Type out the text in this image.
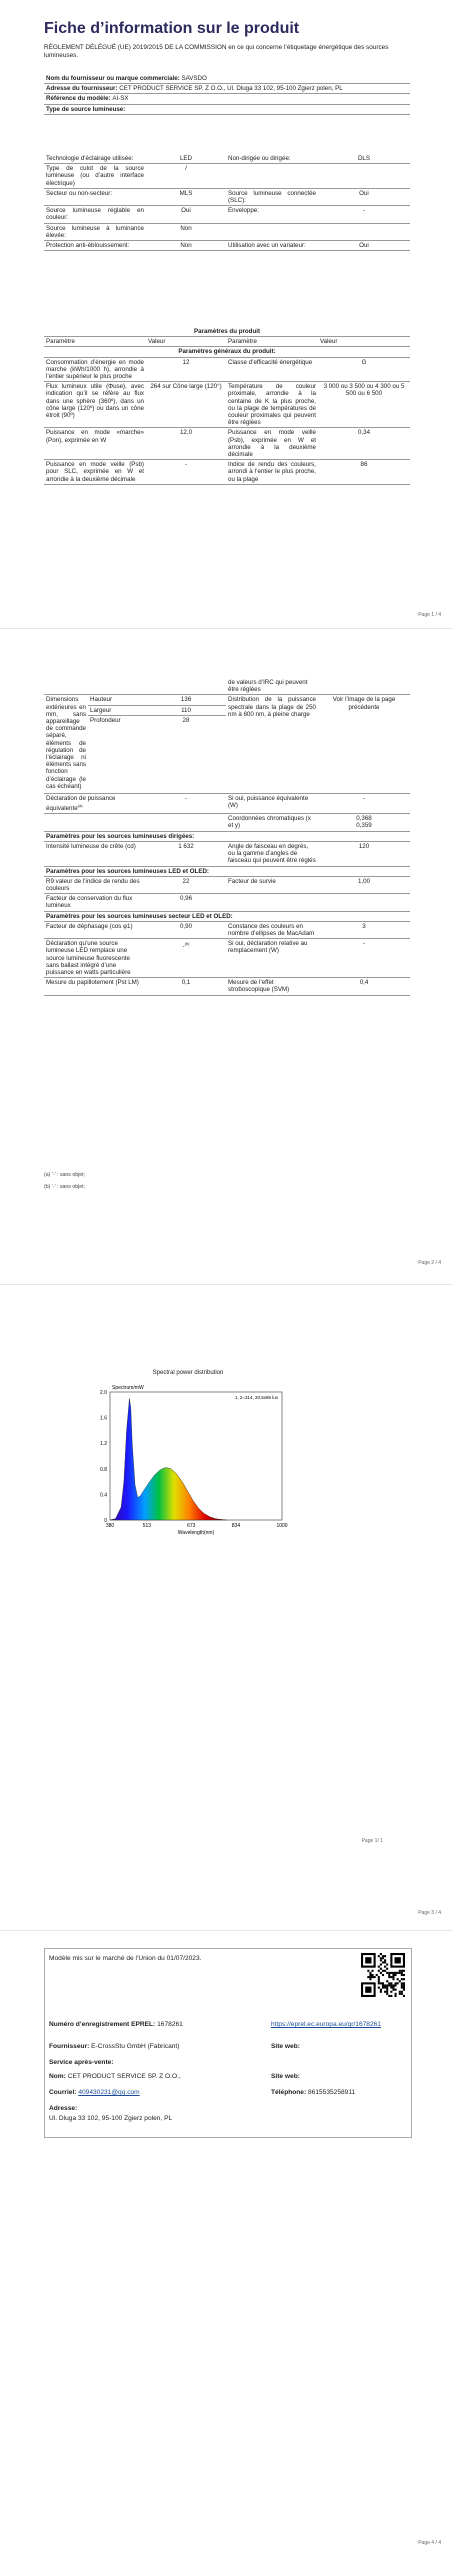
Fiche d’information sur le produit
RÈGLEMENT DÉLÉGUÉ (UE) 2019/2015 DE LA COMMISSION en ce qui concerne l’étiquetage énergétique des sources lumineuses.
Nom du fournisseur ou marque commerciale: SAVSDO
Adresse du fournisseur: CET PRODUCT SERVICE SP. Z O.O., Ul. Dluga 33 102, 95-100 Zgierz polen, PL
Référence du modèle: AI-SX
Type de source lumineuse:
Technologie d’éclairage utilisée:	LED	Non-dirigée ou dirigée:	DLS
Type de culot de la source lumineuse (ou d’autre interface électrique)	/		
Secteur ou non-secteur:	MLS	Source lumineuse connectée (SLC):	Oui
Source lumineuse réglable en couleur:	Oui	Enveloppe:	-
Source lumineuse à luminance élevée:	Non		
Protection anti-éblouissement:	Non	Utilisation avec un variateur:	Oui
Paramètres du produit			
Paramètre	Valeur	Paramètre	Valeur
Paramètres généraux du produit:			
Consommation d’énergie en mode marche (kWh/1000 h), arrondie à l’entier supérieur le plus proche	12	Classe d’efficacité énergétique	G
Flux lumineux utile (Φuse), avec indication qu’il se réfère au flux dans une sphère (360º), dans un cône large (120º) ou dans un cône étroit (90º)	264 sur Cône large (120°)	Température de couleur proximale, arrondie à la centaine de K la plus proche, ou la plage de températures de couleur proximales qui peuvent être réglées	3 000 ou 3 500 ou 4 300 ou 5 500 ou 6 500
Puissance en mode «marche» (Pon), exprimée en W	12,0	Puissance en mode veille (Psb), exprimée en W et arrondie à la deuxième décimale	0,34
Puissance en mode veille (Psb) pour SLC, exprimée en W et arrondie à la deuxième décimale	-	Indice de rendu des couleurs, arrondi à l’entier le plus proche, ou la plage	86
Page 1 / 4
			de valeurs d’IRC qui peuvent être réglées	
Dimensions extérieures en mm, sans appareillage de commande séparé, éléments de régulation de l’éclairage ni éléments sans fonction d’éclairage (le cas échéant)	Hauteur	136	Distribution de la puissance spectrale dans la plage de 250 nm à 800 nm, à pleine charge	Voir l’image de la page précédente
	Largeur	110		
	Profondeur	28		
Déclaration de puissance équivalente$^{(a)}$		-	Si oui, puissance équivalente (W)	-
			Coordonnées chromatiques (x et y)	0,368
0,359
Paramètres pour les sources lumineuses dirigées:				
Intensité lumineuse de crête (cd)		1 632	Angle de faisceau en degrés, ou la gamme d’angles de faisceau qui peuvent être réglés	120
Paramètres pour les sources lumineuses LED et OLED:				
R9 valeur de l’indice de rendu des couleurs		22	Facteur de survie	1,00
Facteur de conservation du flux lumineux		0,96		
Paramètres pour les sources lumineuses secteur LED et OLED:				
Facteur de déphasage (cos φ1)		0,90	Constance des couleurs en nombre d’ellipses de MacAdam	3
Déclaration qu’une source lumineuse LED remplace une source lumineuse fluorescente sans ballast intégré d’une puissance en watts particulière		-$^{(b)}$	Si oui, déclaration relative au remplacement (W)	-
Mesure du papillotement (Pst LM)		0,1	Mesure de l’effet stroboscopique (SVM)	0,4
(a) ‘-’ : sans objet;
(b) ‘-’ : sans objet;
Page 2 / 4
Spectral power distribution
0
0.4
0.8
1.2
1.6
2.0
380	513	673	834	1000
Spectrum/mW
Wavelength(nm)
1, 2=314, 20.5x86 lux
Page 1/ 1
Page 3 / 4
Modèle mis sur le marché de l’Union du 01/07/2023.
Numéro d’enregistrement EPREL: 1678261	https://eprel.ec.europa.eu/qr/1678261
Fournisseur: E-CrossStu GmbH (Fabricant)	Site web:
Service après-vente:
Nom: CET PRODUCT SERVICE SP. Z O.O.,	Site web:
Courriel: 409430231@qq.com	Téléphone: 8615535258911
Adresse:
Ul. Dluga 33 102, 95-100 Zgierz polen, PL
Page 4 / 4
